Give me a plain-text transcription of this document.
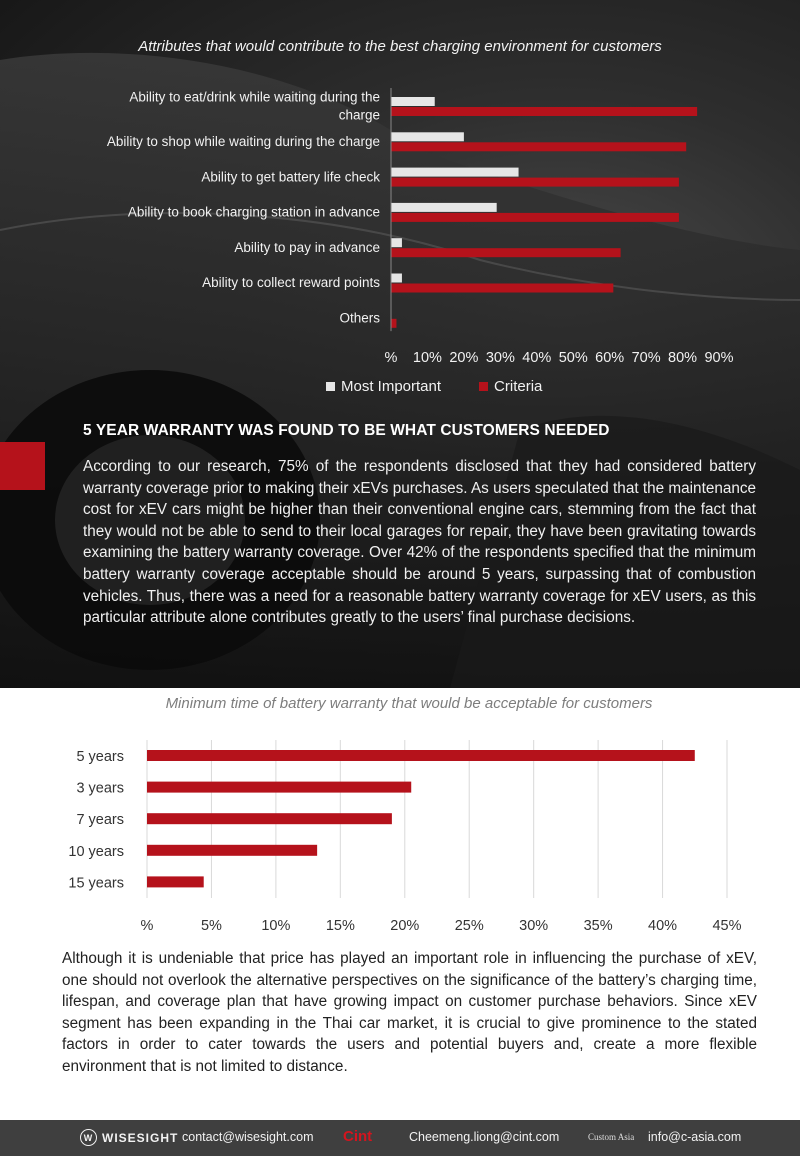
Attributes that would contribute to the best charging environment for customers
Ability to eat/drink while waiting during the
charge
Ability to shop while waiting during the charge
Ability to get battery life check
Ability to book charging station in advance
Ability to pay in advance
Ability to collect reward points
Others
% 10% 20% 30% 40% 50% 60% 70% 80% 90%
Most Important	Criteria
5 YEAR WARRANTY WAS FOUND TO BE WHAT CUSTOMERS NEEDED
According to our research, 75% of the respondents disclosed that they had considered battery warranty coverage prior to making their xEVs purchases. As users speculated that the maintenance cost for xEV cars might be higher than their conventional engine cars, stemming from the fact that they would not be able to send to their local garages for repair, they have been gravitating towards examining the battery warranty coverage. Over 42% of the respondents specified that the minimum battery warranty coverage acceptable should be around 5 years, surpassing that of combustion vehicles. Thus, there was a need for a reasonable battery warranty coverage for xEV users, as this particular attribute alone contributes greatly to the users’ final purchase decisions.
Minimum time of battery warranty that would be acceptable for customers
%	5%	10% 15% 20% 25% 30% 35% 40% 45%
5 years
3 years
7 years
10 years
15 years
Although it is undeniable that price has played an important role in influencing the purchase of xEV, one should not overlook the alternative perspectives on the significance of the battery’s charging time, lifespan, and coverage plan that have growing impact on customer purchase behaviors. Since xEV segment has been expanding in the Thai car market, it is crucial to give prominence to the stated factors in order to cater towards the users and potential buyers and, create a more flexible environment that is not limited to distance.
W WISESIGHT contact@wisesight.com Cint	Cheemeng.liong@cint.com	Custom Asia info@c-asia.com
